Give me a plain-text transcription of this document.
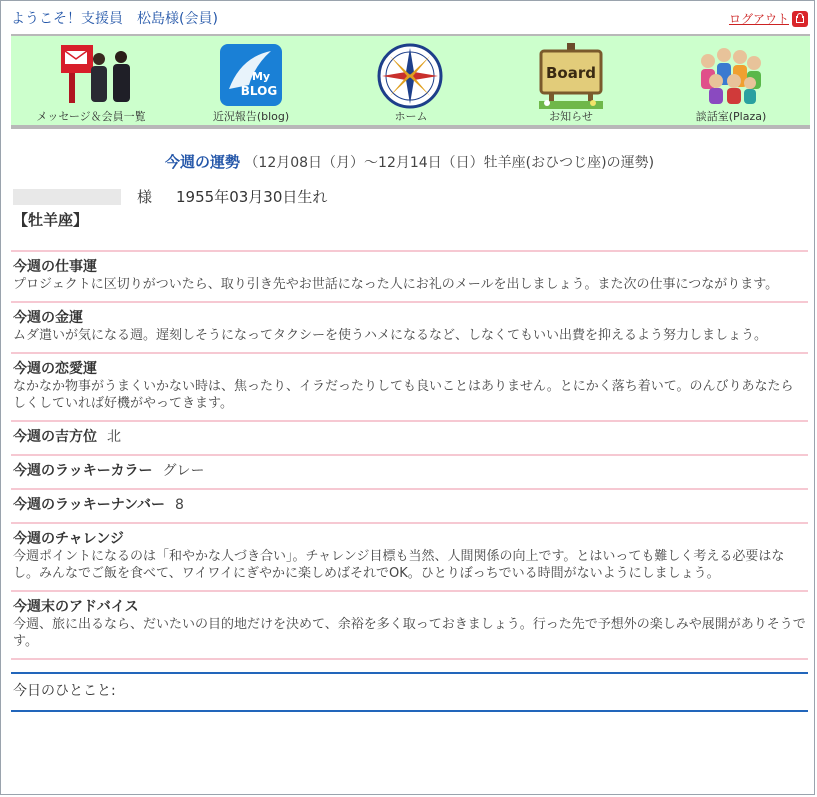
ようこそ！支援員　松島様(会員)	ログアウト
メッセージ＆会員一覧
My
BLOG
近況報告(blog)	ホーム
Board
お知らせ	談話室(Plaza)
今週の運勢 （12月08日（月）〜12月14日（日）牡羊座(おひつじ座)の運勢)
様 1955年03月30日生れ
【牡羊座】
今週の仕事運
プロジェクトに区切りがついたら、取り引き先やお世話になった人にお礼のメールを出しましょう。また次の仕事につながります。
今週の金運
ムダ遣いが気になる週。遅刻しそうになってタクシーを使うハメになるなど、しなくてもいい出費を抑えるよう努力しましょう。
今週の恋愛運
なかなか物事がうまくいかない時は、焦ったり、イラだったりしても良いことはありません。とにかく落ち着いて。のんびりあなたらしくしていれば好機がやってきます。
今週の吉方位 北
今週のラッキーカラー グレー
今週のラッキーナンバー 8
今週のチャレンジ
今週ポイントになるのは「和やかな人づき合い」。チャレンジ目標も当然、人間関係の向上です。とはいっても難しく考える必要はなし。みんなでご飯を食べて、ワイワイにぎやかに楽しめばそれでOK。ひとりぼっちでいる時間がないようにしましょう。
今週末のアドバイス
今週、旅に出るなら、だいたいの目的地だけを決めて、余裕を多く取っておきましょう。行った先で予想外の楽しみや展開がありそうです。
今日のひとこと:
